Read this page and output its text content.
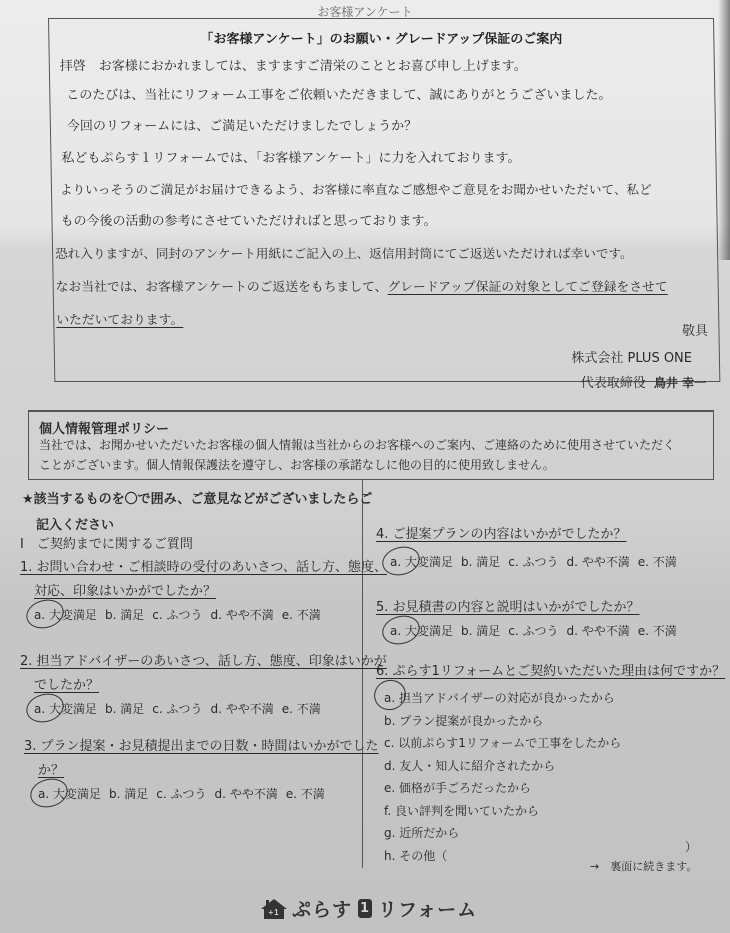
お客様アンケート
「お客様アンケート」のお願い・グレードアップ保証のご案内
拝啓　お客様におかれましては、ますますご清栄のこととお喜び申し上げます。
このたびは、当社にリフォーム工事をご依頼いただきまして、誠にありがとうございました。
今回のリフォームには、ご満足いただけましたでしょうか？
私どもぷらす１リフォームでは、「お客様アンケート」に力を入れております。
よりいっそうのご満足がお届けできるよう、お客様に率直なご感想やご意見をお聞かせいただいて、私ど
もの今後の活動の参考にさせていただければと思っております。
恐れ入りますが、同封のアンケート用紙にご記入の上、返信用封筒にてご返送いただければ幸いです。
なお当社では、お客様アンケートのご返送をもちまして、グレードアップ保証の対象としてご登録をさせて
いただいております。
敬具
株式会社 PLUS ONE
代表取締役 鳥井 幸一
個人情報管理ポリシー
当社では、お聞かせいただいたお客様の個人情報は当社からのお客様へのご案内、ご連絡のために使用させていただく
ことがございます。個人情報保護法を遵守し、お客様の承諾なしに他の目的に使用致しません。
★該当するものを〇で囲み、ご意見などがございましたらご
記入ください
Ⅰ　ご契約までに関するご質問
1. お問い合わせ・ご相談時の受付のあいさつ、話し方、態度、
対応、印象はいかがでしたか？
a. 大変満足 b. 満足 c. ふつう d. やや不満 e. 不満
2. 担当アドバイザーのあいさつ、話し方、態度、印象はいかが
でしたか？
a. 大変満足 b. 満足 c. ふつう d. やや不満 e. 不満
3. プラン提案・お見積提出までの日数・時間はいかがでした
か？
a. 大変満足 b. 満足 c. ふつう d. やや不満 e. 不満
4. ご提案プランの内容はいかがでしたか？
a. 大変満足 b. 満足 c. ふつう d. やや不満 e. 不満
5. お見積書の内容と説明はいかがでしたか？
a. 大変満足 b. 満足 c. ふつう d. やや不満 e. 不満
6. ぷらす1リフォームとご契約いただいた理由は何ですか？
a. 担当アドバイザーの対応が良かったから
b. プラン提案が良かったから
c. 以前ぷらす1リフォームで工事をしたから
d. 友人・知人に紹介されたから
e. 価格が手ごろだったから
f. 良い評判を聞いていたから
g. 近所だから
h. その他（
）
→　裏面に続きます。
+1 ぷらす 1 リフォーム
